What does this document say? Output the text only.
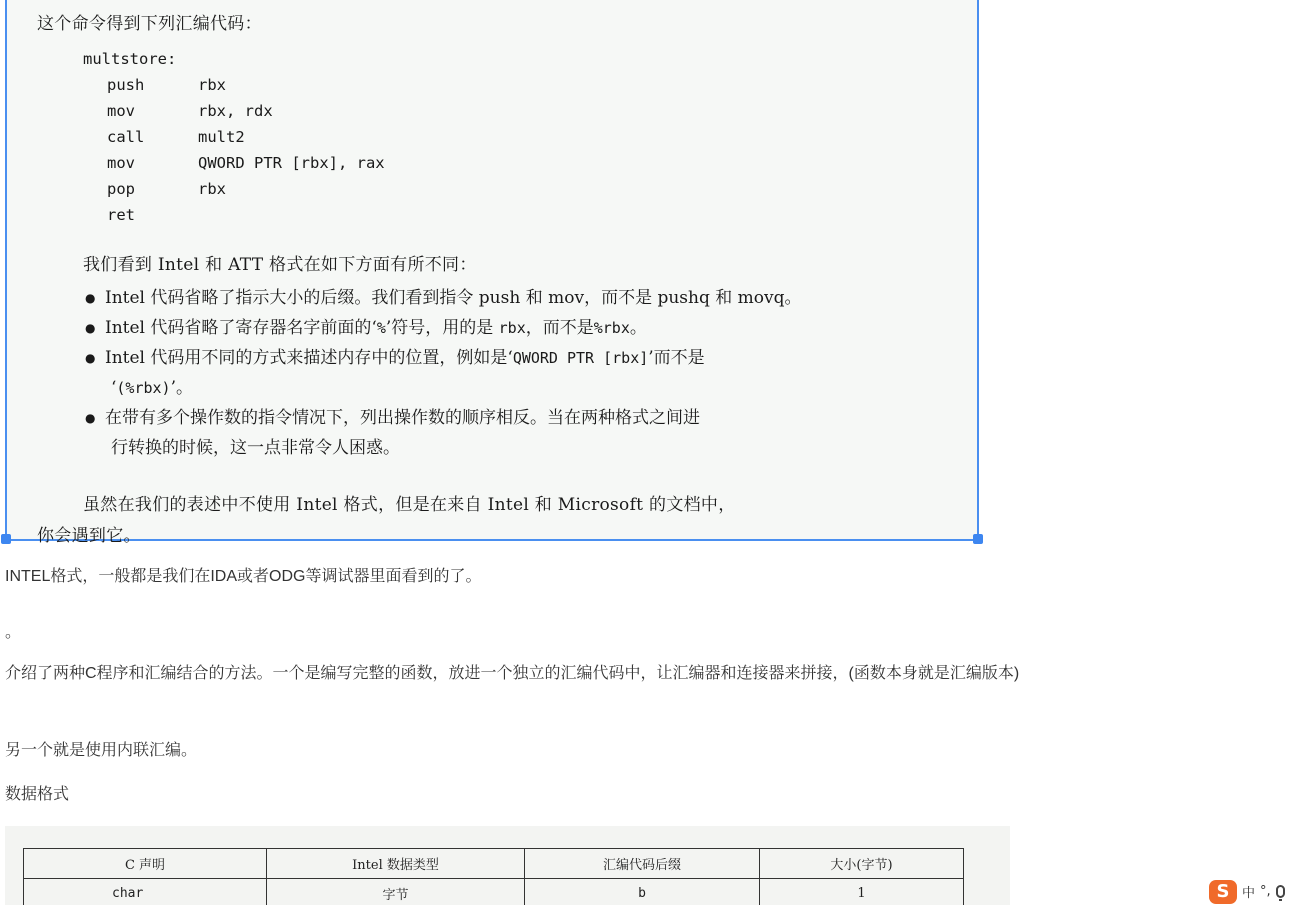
这个命令得到下列汇编代码：
multstore:
push	rbx
mov	rbx, rdx
call	mult2
mov	QWORD PTR [rbx], rax
pop	rbx
ret
我们看到 Intel 和 ATT 格式在如下方面有所不同：
● Intel 代码省略了指示大小的后缀。我们看到指令 push 和 mov，而不是 pushq 和 movq。
● Intel 代码省略了寄存器名字前面的‘%’符号，用的是 rbx，而不是%rbx。
● Intel 代码用不同的方式来描述内存中的位置，例如是‘QWORD PTR [rbx]’而不是
‘(%rbx)’。
● 在带有多个操作数的指令情况下，列出操作数的顺序相反。当在两种格式之间进
行转换的时候，这一点非常令人困惑。
虽然在我们的表述中不使用 Intel 格式，但是在来自 Intel 和 Microsoft 的文档中，
你会遇到它。

INTEL格式，一般都是我们在IDA或者ODG等调试器里面看到的了。

。

介绍了两种C程序和汇编结合的方法。一个是编写完整的函数，放进一个独立的汇编代码中，让汇编器和连接器来拼接，(函数本身就是汇编版本)

另一个就是使用内联汇编。

数据格式

C 声明	Intel 数据类型	汇编代码后缀	大小(字节)
char	字节	b	1	S 中 °,
